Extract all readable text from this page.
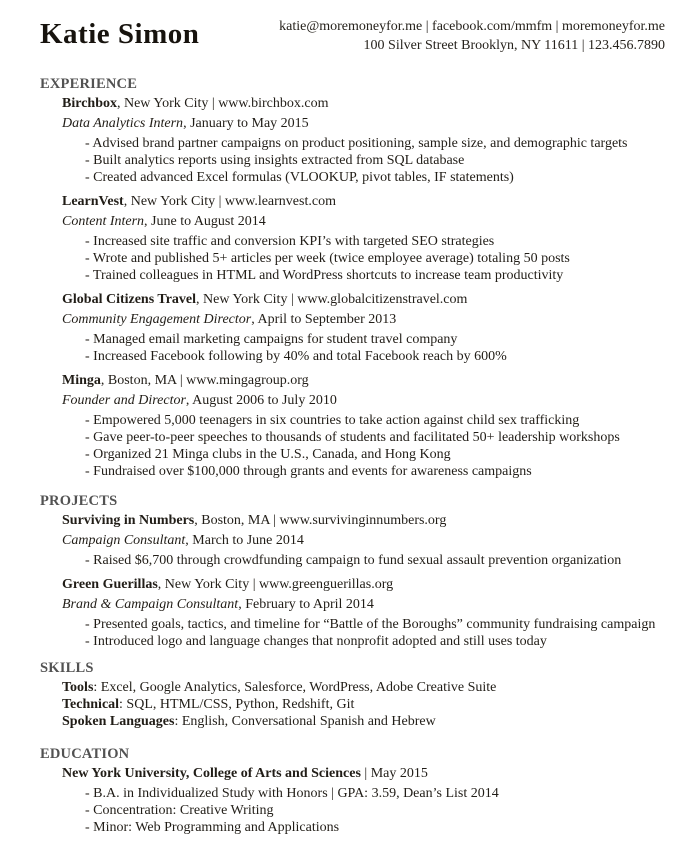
Katie Simon	katie@moremoneyfor.me | facebook.com/mmfm | moremoneyfor.me
100 Silver Street Brooklyn, NY 11611 | 123.456.7890
EXPERIENCE
Birchbox, New York City | www.birchbox.com
Data Analytics Intern, January to May 2015
- Advised brand partner campaigns on product positioning, sample size, and demographic targets
- Built analytics reports using insights extracted from SQL database
- Created advanced Excel formulas (VLOOKUP, pivot tables, IF statements)
LearnVest, New York City | www.learnvest.com
Content Intern, June to August 2014
- Increased site traffic and conversion KPI’s with targeted SEO strategies
- Wrote and published 5+ articles per week (twice employee average) totaling 50 posts
- Trained colleagues in HTML and WordPress shortcuts to increase team productivity
Global Citizens Travel, New York City | www.globalcitizenstravel.com
Community Engagement Director, April to September 2013
- Managed email marketing campaigns for student travel company
- Increased Facebook following by 40% and total Facebook reach by 600%
Minga, Boston, MA | www.mingagroup.org
Founder and Director, August 2006 to July 2010
- Empowered 5,000 teenagers in six countries to take action against child sex trafficking
- Gave peer-to-peer speeches to thousands of students and facilitated 50+ leadership workshops
- Organized 21 Minga clubs in the U.S., Canada, and Hong Kong
- Fundraised over $100,000 through grants and events for awareness campaigns
PROJECTS
Surviving in Numbers, Boston, MA | www.survivinginnumbers.org
Campaign Consultant, March to June 2014
- Raised $6,700 through crowdfunding campaign to fund sexual assault prevention organization
Green Guerillas, New York City | www.greenguerillas.org
Brand & Campaign Consultant, February to April 2014
- Presented goals, tactics, and timeline for “Battle of the Boroughs” community fundraising campaign
- Introduced logo and language changes that nonprofit adopted and still uses today
SKILLS
Tools: Excel, Google Analytics, Salesforce, WordPress, Adobe Creative Suite
Technical: SQL, HTML/CSS, Python, Redshift, Git
Spoken Languages: English, Conversational Spanish and Hebrew
EDUCATION
New York University, College of Arts and Sciences | May 2015
- B.A. in Individualized Study with Honors | GPA: 3.59, Dean’s List 2014
- Concentration: Creative Writing
- Minor: Web Programming and Applications
